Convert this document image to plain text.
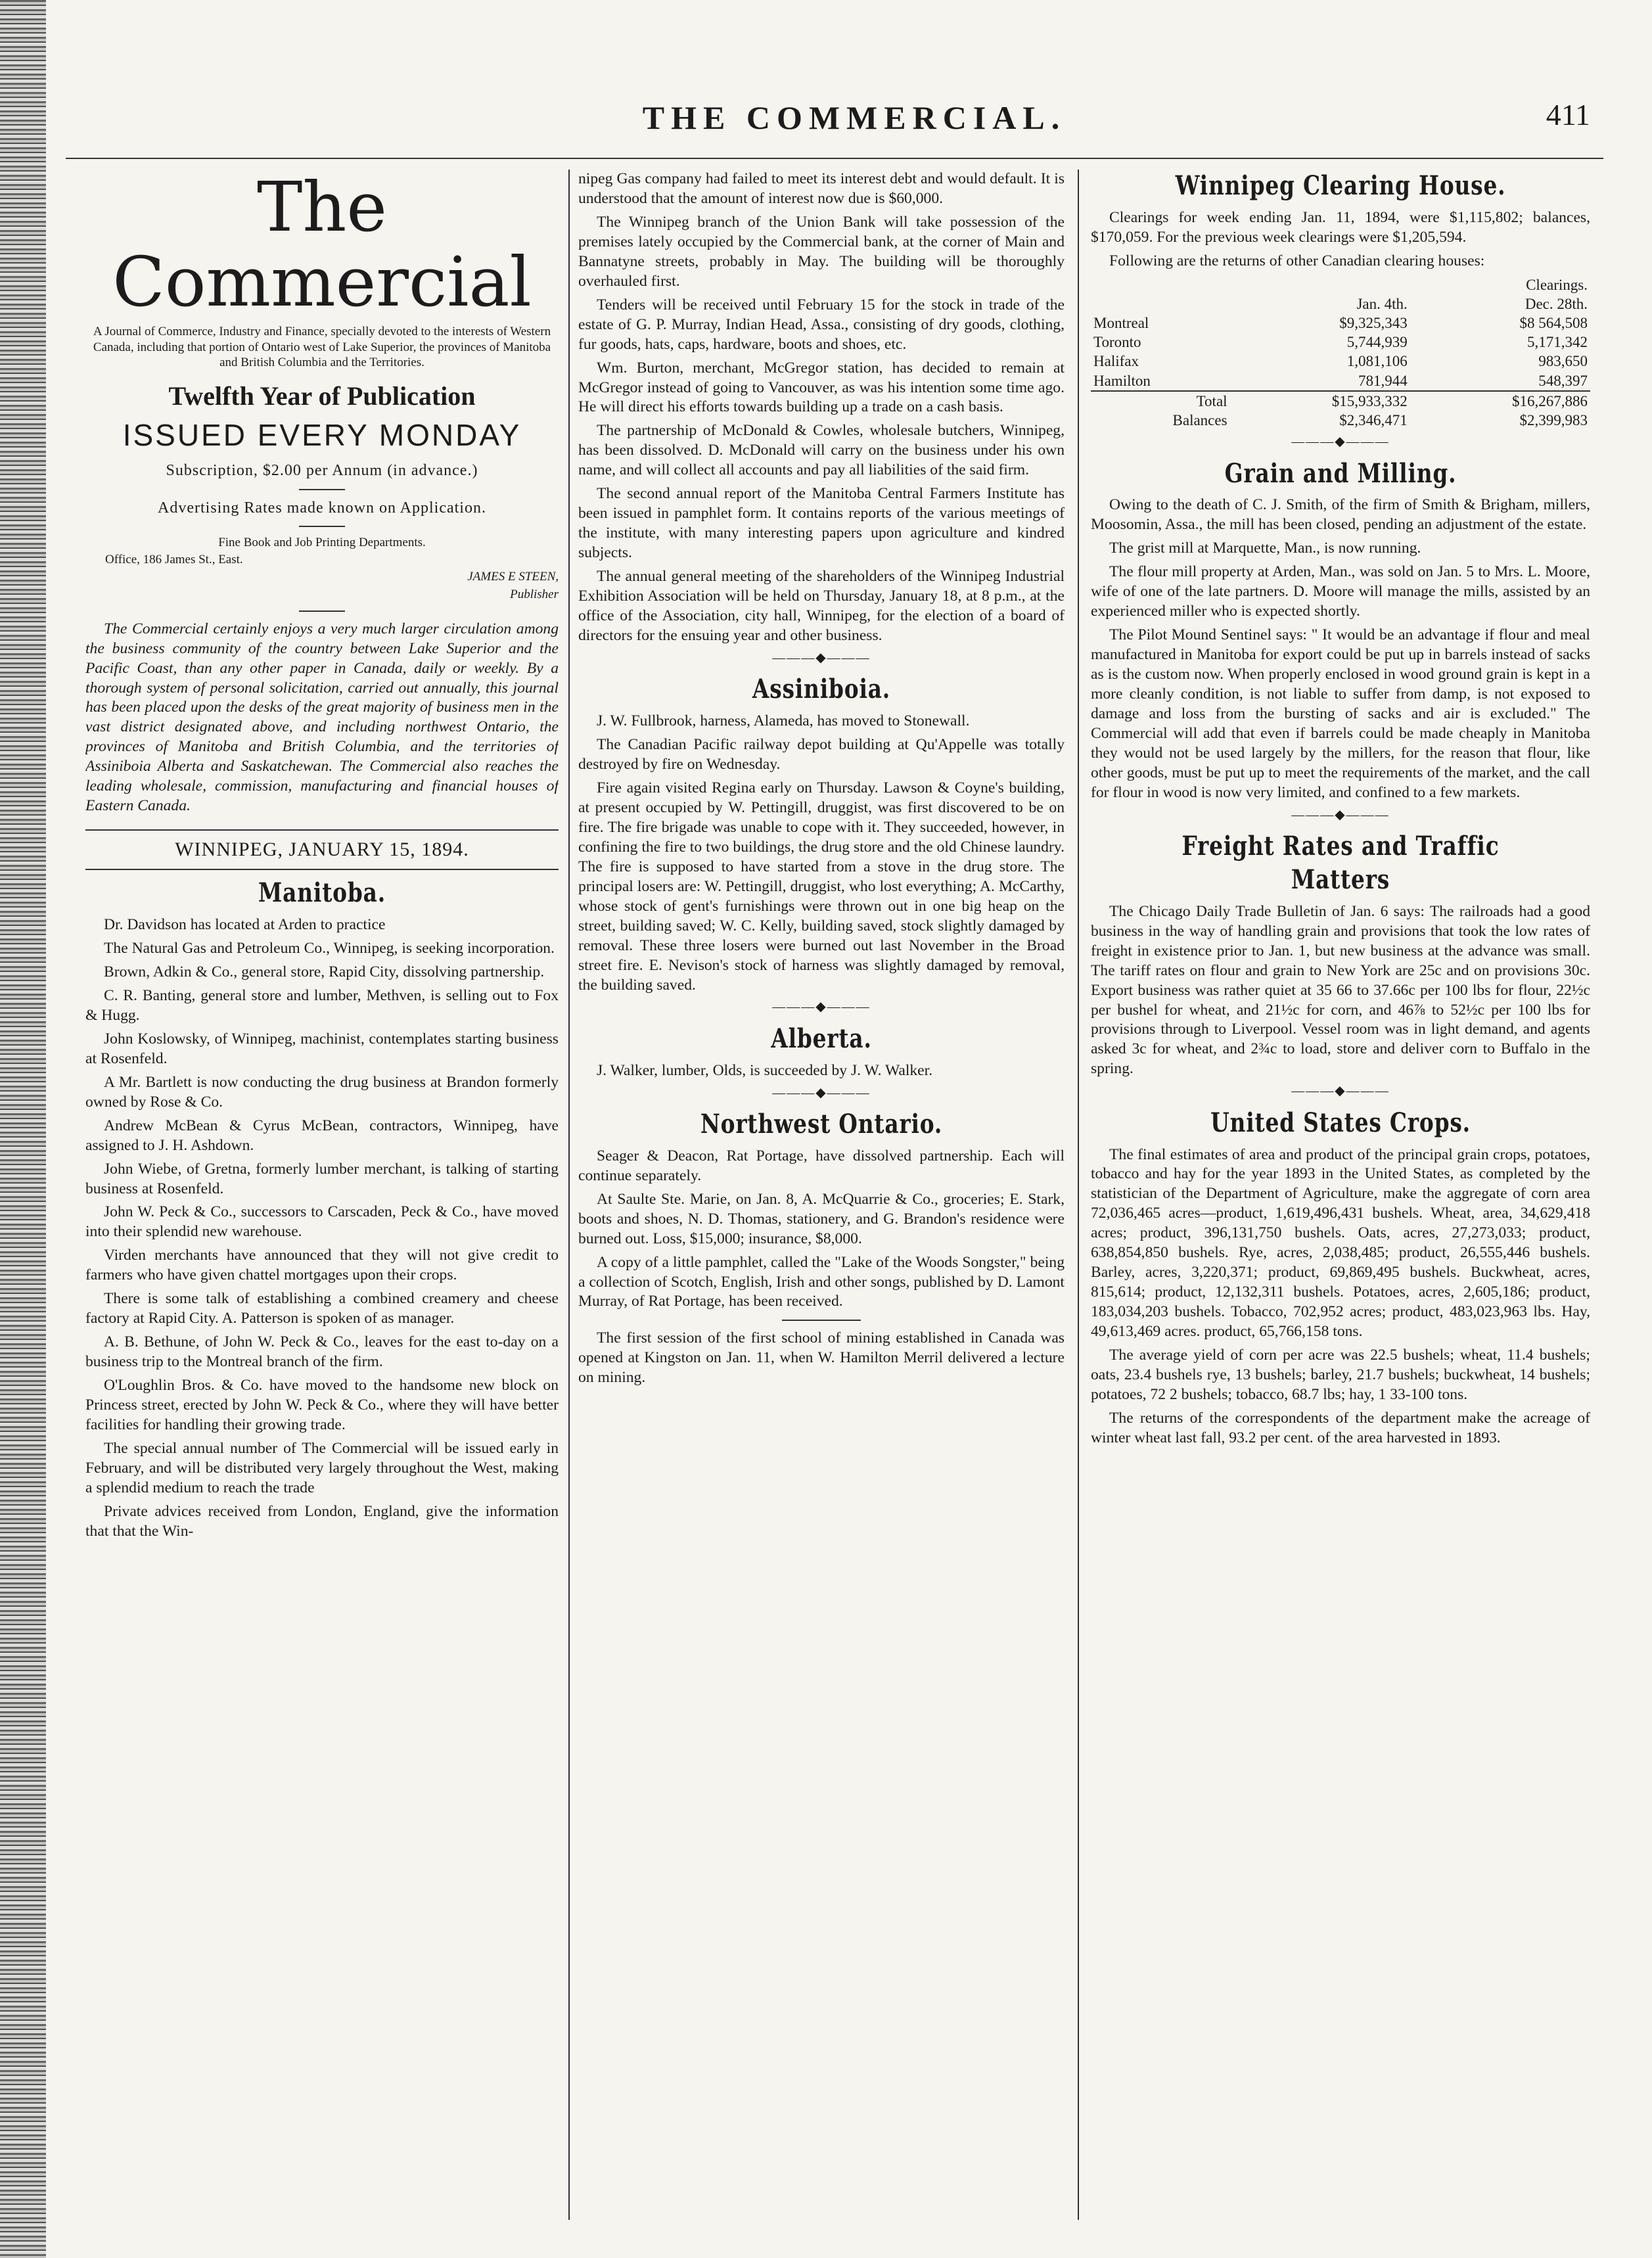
THE COMMERCIAL.	411
The Commercial
A Journal of Commerce, Industry and Finance, specially devoted to the interests of Western Canada, including that portion of Ontario west of Lake Superior, the provinces of Manitoba and British Columbia and the Territories.
Twelfth Year of Publication
ISSUED EVERY MONDAY
Subscription, $2.00 per Annum (in advance.)
Advertising Rates made known on Application.
Fine Book and Job Printing Departments.
Office, 186 James St., East.
JAMES E STEEN,
Publisher

The Commercial certainly enjoys a very much larger circulation among the business community of the country between Lake Superior and the Pacific Coast, than any other paper in Canada, daily or weekly. By a thorough system of personal solicitation, carried out annually, this journal has been placed upon the desks of the great majority of business men in the vast district designated above, and including northwest Ontario, the provinces of Manitoba and British Columbia, and the territories of Assiniboia Alberta and Saskatchewan. The Commercial also reaches the leading wholesale, commission, manufacturing and financial houses of Eastern Canada.

WINNIPEG, JANUARY 15, 1894.
Manitoba.

Dr. Davidson has located at Arden to practice

The Natural Gas and Petroleum Co., Winnipeg, is seeking incorporation.

Brown, Adkin & Co., general store, Rapid City, dissolving partnership.

C. R. Banting, general store and lumber, Methven, is selling out to Fox & Hugg.

John Koslowsky, of Winnipeg, machinist, contemplates starting business at Rosenfeld.

A Mr. Bartlett is now conducting the drug business at Brandon formerly owned by Rose & Co.

Andrew McBean & Cyrus McBean, contractors, Winnipeg, have assigned to J. H. Ashdown.

John Wiebe, of Gretna, formerly lumber merchant, is talking of starting business at Rosenfeld.

John W. Peck & Co., successors to Carscaden, Peck & Co., have moved into their splendid new warehouse.

Virden merchants have announced that they will not give credit to farmers who have given chattel mortgages upon their crops.

There is some talk of establishing a combined creamery and cheese factory at Rapid City. A. Patterson is spoken of as manager.

A. B. Bethune, of John W. Peck & Co., leaves for the east to-day on a business trip to the Montreal branch of the firm.

O'Loughlin Bros. & Co. have moved to the handsome new block on Princess street, erected by John W. Peck & Co., where they will have better facilities for handling their growing trade.

The special annual number of The Commercial will be issued early in February, and will be distributed very largely throughout the West, making a splendid medium to reach the trade

Private advices received from London, England, give the information that that the Win-

nipeg Gas company had failed to meet its interest debt and would default. It is understood that the amount of interest now due is $60,000.

The Winnipeg branch of the Union Bank will take possession of the premises lately occupied by the Commercial bank, at the corner of Main and Bannatyne streets, probably in May. The building will be thoroughly overhauled first.

Tenders will be received until February 15 for the stock in trade of the estate of G. P. Murray, Indian Head, Assa., consisting of dry goods, clothing, fur goods, hats, caps, hardware, boots and shoes, etc.

Wm. Burton, merchant, McGregor station, has decided to remain at McGregor instead of going to Vancouver, as was his intention some time ago. He will direct his efforts towards building up a trade on a cash basis.

The partnership of McDonald & Cowles, wholesale butchers, Winnipeg, has been dissolved. D. McDonald will carry on the business under his own name, and will collect all accounts and pay all liabilities of the said firm.

The second annual report of the Manitoba Central Farmers Institute has been issued in pamphlet form. It contains reports of the various meetings of the institute, with many interesting papers upon agriculture and kindred subjects.

The annual general meeting of the shareholders of the Winnipeg Industrial Exhibition Association will be held on Thursday, January 18, at 8 p.m., at the office of the Association, city hall, Winnipeg, for the election of a board of directors for the ensuing year and other business.

———◆———
Assiniboia.

J. W. Fullbrook, harness, Alameda, has moved to Stonewall.

The Canadian Pacific railway depot building at Qu'Appelle was totally destroyed by fire on Wednesday.

Fire again visited Regina early on Thursday. Lawson & Coyne's building, at present occupied by W. Pettingill, druggist, was first discovered to be on fire. The fire brigade was unable to cope with it. They succeeded, however, in confining the fire to two buildings, the drug store and the old Chinese laundry. The fire is supposed to have started from a stove in the drug store. The principal losers are: W. Pettingill, druggist, who lost everything; A. McCarthy, whose stock of gent's furnishings were thrown out in one big heap on the street, building saved; W. C. Kelly, building saved, stock slightly damaged by removal. These three losers were burned out last November in the Broad street fire. E. Nevison's stock of harness was slightly damaged by removal, the building saved.

———◆———
Alberta.

J. Walker, lumber, Olds, is succeeded by J. W. Walker.

———◆———
Northwest Ontario.

Seager & Deacon, Rat Portage, have dissolved partnership. Each will continue separately.

At Saulte Ste. Marie, on Jan. 8, A. McQuarrie & Co., groceries; E. Stark, boots and shoes, N. D. Thomas, stationery, and G. Brandon's residence were burned out. Loss, $15,000; insurance, $8,000.

A copy of a little pamphlet, called the "Lake of the Woods Songster," being a collection of Scotch, English, Irish and other songs, published by D. Lamont Murray, of Rat Portage, has been received.

The first session of the first school of mining established in Canada was opened at Kingston on Jan. 11, when W. Hamilton Merril delivered a lecture on mining.

Winnipeg Clearing House.

Clearings for week ending Jan. 11, 1894, were $1,115,802; balances, $170,059. For the previous week clearings were $1,205,594.

Following are the returns of other Canadian clearing houses:

		Clearings.
	Jan. 4th.	Dec. 28th.
Montreal	$9,325,343	$8 564,508
Toronto	5,744,939	5,171,342
Halifax	1,081,106	983,650
Hamilton	781,944	548,397
Total	$15,933,332	$16,267,886
Balances	$2,346,471	$2,399,983
———◆———
Grain and Milling.

Owing to the death of C. J. Smith, of the firm of Smith & Brigham, millers, Moosomin, Assa., the mill has been closed, pending an adjustment of the estate.

The grist mill at Marquette, Man., is now running.

The flour mill property at Arden, Man., was sold on Jan. 5 to Mrs. L. Moore, wife of one of the late partners. D. Moore will manage the mills, assisted by an experienced miller who is expected shortly.

The Pilot Mound Sentinel says: " It would be an advantage if flour and meal manufactured in Manitoba for export could be put up in barrels instead of sacks as is the custom now. When properly enclosed in wood ground grain is kept in a more cleanly condition, is not liable to suffer from damp, is not exposed to damage and loss from the bursting of sacks and air is excluded." The Commercial will add that even if barrels could be made cheaply in Manitoba they would not be used largely by the millers, for the reason that flour, like other goods, must be put up to meet the requirements of the market, and the call for flour in wood is now very limited, and confined to a few markets.

———◆———
Freight Rates and Traffic Matters

The Chicago Daily Trade Bulletin of Jan. 6 says: The railroads had a good business in the way of handling grain and provisions that took the low rates of freight in existence prior to Jan. 1, but new business at the advance was small. The tariff rates on flour and grain to New York are 25c and on provisions 30c. Export business was rather quiet at 35 66 to 37.66c per 100 lbs for flour, 22½c per bushel for wheat, and 21½c for corn, and 46⅞ to 52½c per 100 lbs for provisions through to Liverpool. Vessel room was in light demand, and agents asked 3c for wheat, and 2¾c to load, store and deliver corn to Buffalo in the spring.

———◆———
United States Crops.

The final estimates of area and product of the principal grain crops, potatoes, tobacco and hay for the year 1893 in the United States, as completed by the statistician of the Department of Agriculture, make the aggregate of corn area 72,036,465 acres—product, 1,619,496,431 bushels. Wheat, area, 34,629,418 acres; product, 396,131,750 bushels. Oats, acres, 27,273,033; product, 638,854,850 bushels. Rye, acres, 2,038,485; product, 26,555,446 bushels. Barley, acres, 3,220,371; product, 69,869,495 bushels. Buckwheat, acres, 815,614; product, 12,132,311 bushels. Potatoes, acres, 2,605,186; product, 183,034,203 bushels. Tobacco, 702,952 acres; product, 483,023,963 lbs. Hay, 49,613,469 acres. product, 65,766,158 tons.

The average yield of corn per acre was 22.5 bushels; wheat, 11.4 bushels; oats, 23.4 bushels rye, 13 bushels; barley, 21.7 bushels; buckwheat, 14 bushels; potatoes, 72 2 bushels; tobacco, 68.7 lbs; hay, 1 33-100 tons.

The returns of the correspondents of the department make the acreage of winter wheat last fall, 93.2 per cent. of the area harvested in 1893.
